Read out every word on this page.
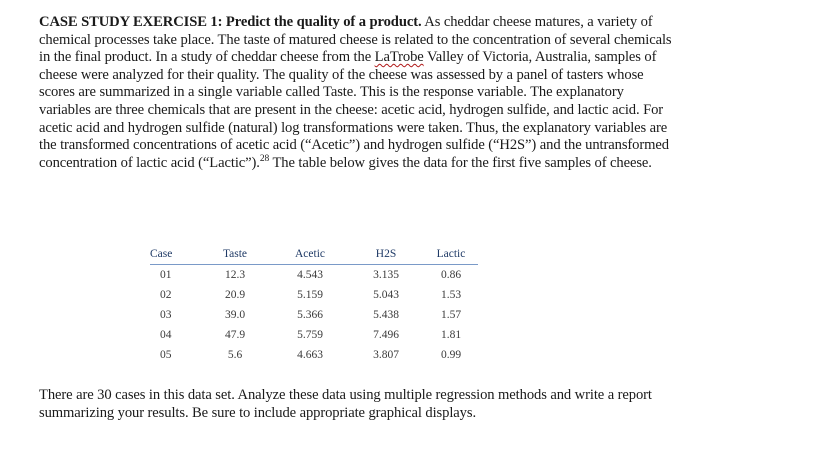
CASE STUDY EXERCISE 1: Predict the quality of a product. As cheddar cheese matures, a variety of chemical processes take place. The taste of matured cheese is related to the concentration of several chemicals in the final product. In a study of cheddar cheese from the LaTrobe Valley of Victoria, Australia, samples of cheese were analyzed for their quality. The quality of the cheese was assessed by a panel of tasters whose scores are summarized in a single variable called Taste. This is the response variable. The explanatory variables are three chemicals that are present in the cheese: acetic acid, hydrogen sulfide, and lactic acid. For acetic acid and hydrogen sulfide (natural) log transformations were taken. Thus, the explanatory variables are the transformed concentrations of acetic acid (“Acetic”) and hydrogen sulfide (“H2S”) and the untransformed concentration of lactic acid (“Lactic”).$^{28}$ The table below gives the data for the first five samples of cheese.

Case	Taste	Acetic	H2S	Lactic
01	12.3	4.543	3.135	0.86
02	20.9	5.159	5.043	1.53
03	39.0	5.366	5.438	1.57
04	47.9	5.759	7.496	1.81
05	5.6	4.663	3.807	0.99

There are 30 cases in this data set. Analyze these data using multiple regression methods and write a report summarizing your results. Be sure to include appropriate graphical displays.
